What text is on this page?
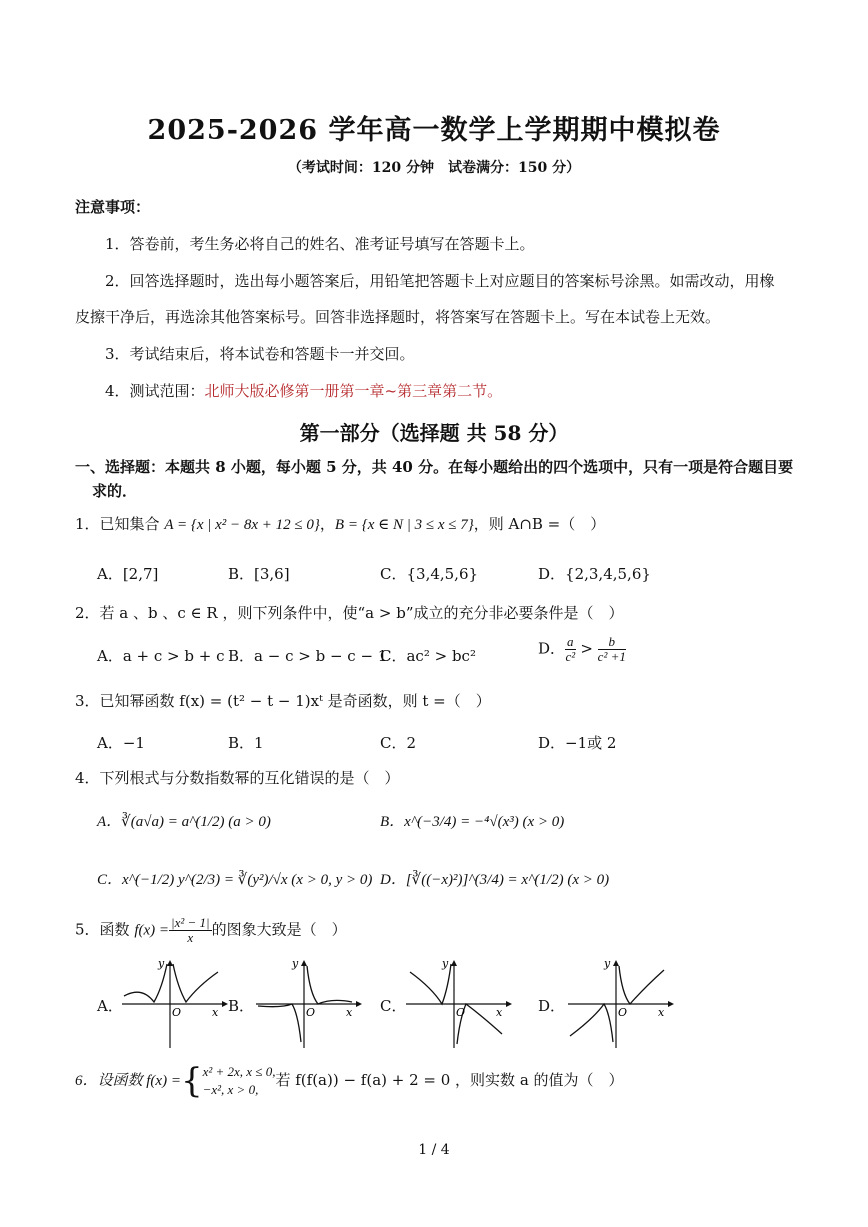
2025-2026 学年高一数学上学期期中模拟卷
（考试时间：120 分钟　试卷满分：150 分）
注意事项：
1．答卷前，考生务必将自己的姓名、准考证号填写在答题卡上。
2．回答选择题时，选出每小题答案后，用铅笔把答题卡上对应题目的答案标号涂黑。如需改动，用橡
皮擦干净后，再选涂其他答案标号。回答非选择题时，将答案写在答题卡上。写在本试卷上无效。
3．考试结束后，将本试卷和答题卡一并交回。
4．测试范围：北师大版必修第一册第一章~第三章第二节。
第一部分（选择题 共 58 分）
一、选择题：本题共 8 小题，每小题 5 分，共 40 分。在每小题给出的四个选项中，只有一项是符合题目要
求的．
1．已知集合 A = {x | x² − 8x + 12 ≤ 0}，B = {x ∈ N | 3 ≤ x ≤ 7}，则 A∩B =（　）
A．[2,7]	B．[3,6]	C．{3,4,5,6}	D．{2,3,4,5,6}
2．若 a 、b 、c ∈ R ，则下列条件中，使“a > b”成立的充分非必要条件是（　）
A．a + c > b + c B．a − c > b − c − 1
C．ac² > bc²	D． $\frac{a}{\text{c²}} > \frac{b}{\text{c² +1}}$
3．已知幂函数 f(x) = (t² − t − 1)xᵗ 是奇函数，则 t =（　）
A．−1	B．1	C．2	D．−1或 2
4．下列根式与分数指数幂的互化错误的是（　）
A．∛(a√a) = a^(1/2) (a > 0)	B．x^(−3/4) = −⁴√(x³) (x > 0)
C．x^(−1/2) y^(2/3) = ∛(y²)/√x (x > 0, y > 0) D．[∛((−x)²)]^(3/4) = x^(1/2) (x > 0)
5．函数 $f(x) = \frac{\text{|x² − 1|}}{x}$ 的图象大致是（　）
A．	B．	C．	D．
y
O	x
y
O	x
y
O	x
y
O	x
6．设函数 f(x) ={ x² + 2x, x ≤ 0,
−x², x > 0,
若 f(f(a)) − f(a) + 2 = 0 ，则实数 a 的值为（　）
1 / 4
